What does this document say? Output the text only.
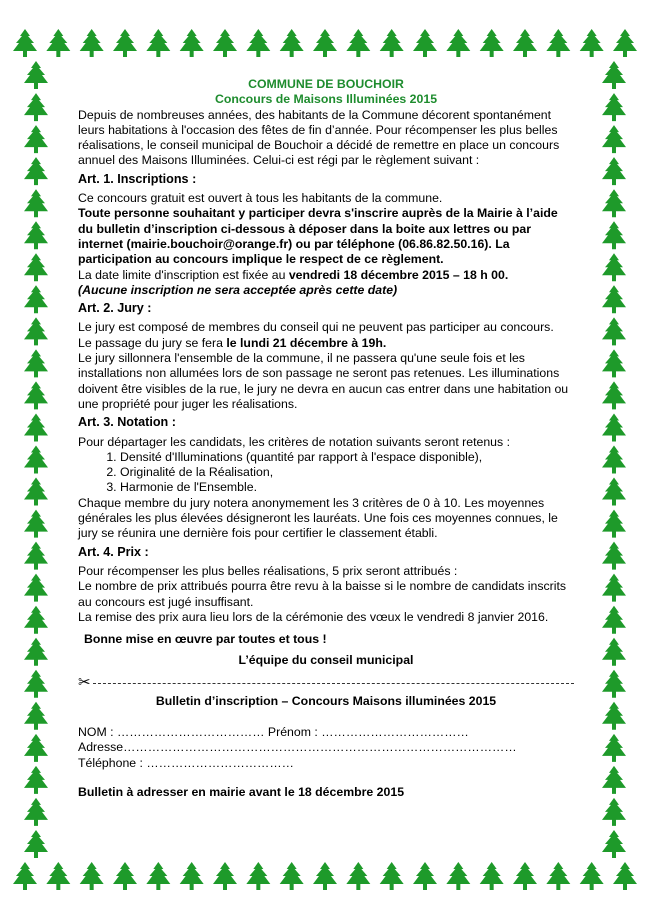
COMMUNE DE BOUCHOIR

Concours de Maisons Illuminées 2015

Depuis de nombreuses années, des habitants de la Commune décorent spontanément leurs habitations à l'occasion des fêtes de fin d’année. Pour récompenser les plus belles réalisations, le conseil municipal de Bouchoir a décidé de remettre en place un concours annuel des Maisons Illuminées. Celui-ci est régi par le règlement suivant :

Art. 1. Inscriptions :

Ce concours gratuit est ouvert à tous les habitants de la commune.

Toute personne souhaitant y participer devra s'inscrire auprès de la Mairie à l’aide du bulletin d’inscription ci-dessous à déposer dans la boite aux lettres ou par internet (mairie.bouchoir@orange.fr) ou par téléphone (06.86.82.50.16). La participation au concours implique le respect de ce règlement.

La date limite d'inscription est fixée au vendredi 18 décembre 2015 – 18 h 00.

(Aucune inscription ne sera acceptée après cette date)

Art. 2. Jury :

Le jury est composé de membres du conseil qui ne peuvent pas participer au concours.

Le passage du jury se fera le lundi 21 décembre à 19h.

Le jury sillonnera l'ensemble de la commune, il ne passera qu'une seule fois et les installations non allumées lors de son passage ne seront pas retenues. Les illuminations doivent être visibles de la rue, le jury ne devra en aucun cas entrer dans une habitation ou une propriété pour juger les réalisations.

Art. 3. Notation :

Pour départager les candidats, les critères de notation suivants seront retenus :

1. Densité d'Illuminations (quantité par rapport à l'espace disponible),
2. Originalité de la Réalisation,
3. Harmonie de l'Ensemble.

Chaque membre du jury notera anonymement les 3 critères de 0 à 10. Les moyennes générales les plus élevées désigneront les lauréats. Une fois ces moyennes connues, le jury se réunira une dernière fois pour certifier le classement établi.

Art. 4. Prix :

Pour récompenser les plus belles réalisations, 5 prix seront attribués :

Le nombre de prix attribués pourra être revu à la baisse si le nombre de candidats inscrits au concours est jugé insuffisant.

La remise des prix aura lieu lors de la cérémonie des vœux le vendredi 8 janvier 2016.

Bonne mise en œuvre par toutes et tous !

L’équipe du conseil municipal

✂

Bulletin d’inscription – Concours Maisons illuminées 2015

NOM : ……………………………… Prénom : ………………………………

Adresse……………………………………………………………………………………

Téléphone : ………………………………

Bulletin à adresser en mairie avant le 18 décembre 2015
